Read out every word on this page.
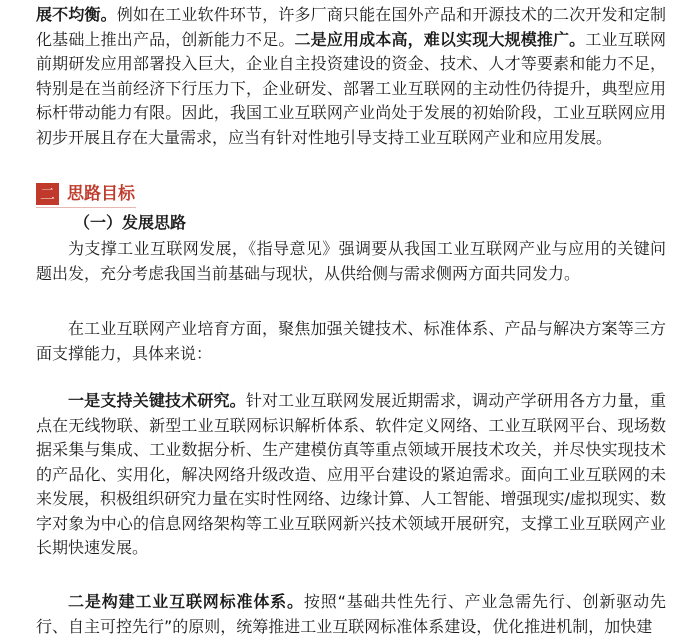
展不均衡。例如在工业软件环节，许多厂商只能在国外产品和开源技术的二次开发和定制化基础上推出产品，创新能力不足。二是应用成本高，难以实现大规模推广。工业互联网前期研发应用部署投入巨大，企业自主投资建设的资金、技术、人才等要素和能力不足，特别是在当前经济下行压力下，企业研发、部署工业互联网的主动性仍待提升，典型应用标杆带动能力有限。因此，我国工业互联网产业尚处于发展的初始阶段，工业互联网应用初步开展且存在大量需求，应当有针对性地引导支持工业互联网产业和应用发展。

二 思路目标

（一）发展思路

为支撑工业互联网发展，《指导意见》强调要从我国工业互联网产业与应用的关键问题出发，充分考虑我国当前基础与现状，从供给侧与需求侧两方面共同发力。

在工业互联网产业培育方面，聚焦加强关键技术、标准体系、产品与解决方案等三方面支撑能力，具体来说：

一是支持关键技术研究。针对工业互联网发展近期需求，调动产学研用各方力量，重点在无线物联、新型工业互联网标识解析体系、软件定义网络、工业互联网平台、现场数据采集与集成、工业数据分析、生产建模仿真等重点领域开展技术攻关，并尽快实现技术的产品化、实用化，解决网络升级改造、应用平台建设的紧迫需求。面向工业互联网的未来发展，积极组织研究力量在实时性网络、边缘计算、人工智能、增强现实/虚拟现实、数字对象为中心的信息网络架构等工业互联网新兴技术领域开展研究，支撑工业互联网产业长期快速发展。

二是构建工业互联网标准体系。按照“基础共性先行、产业急需先行、创新驱动先行、自主可控先行”的原则，统筹推进工业互联网标准体系建设，优化推进机制，加快建
